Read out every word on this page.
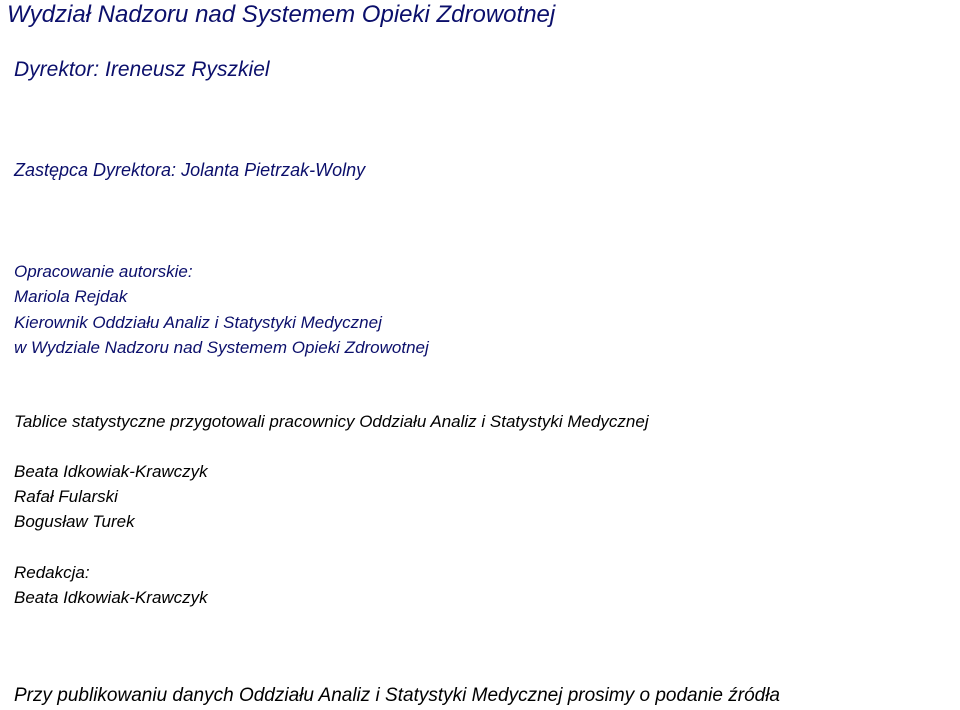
Wydział Nadzoru nad Systemem Opieki Zdrowotnej

Dyrektor: Ireneusz Ryszkiel

Zastępca Dyrektora: Jolanta Pietrzak-Wolny

Opracowanie autorskie:

Mariola Rejdak

Kierownik Oddziału Analiz i Statystyki Medycznej

w Wydziale Nadzoru nad Systemem Opieki Zdrowotnej

Tablice statystyczne przygotowali pracownicy Oddziału Analiz i Statystyki Medycznej

Beata Idkowiak-Krawczyk

Rafał Fularski

Bogusław Turek

Redakcja:

Beata Idkowiak-Krawczyk

Przy publikowaniu danych Oddziału Analiz i Statystyki Medycznej prosimy o podanie źródła
